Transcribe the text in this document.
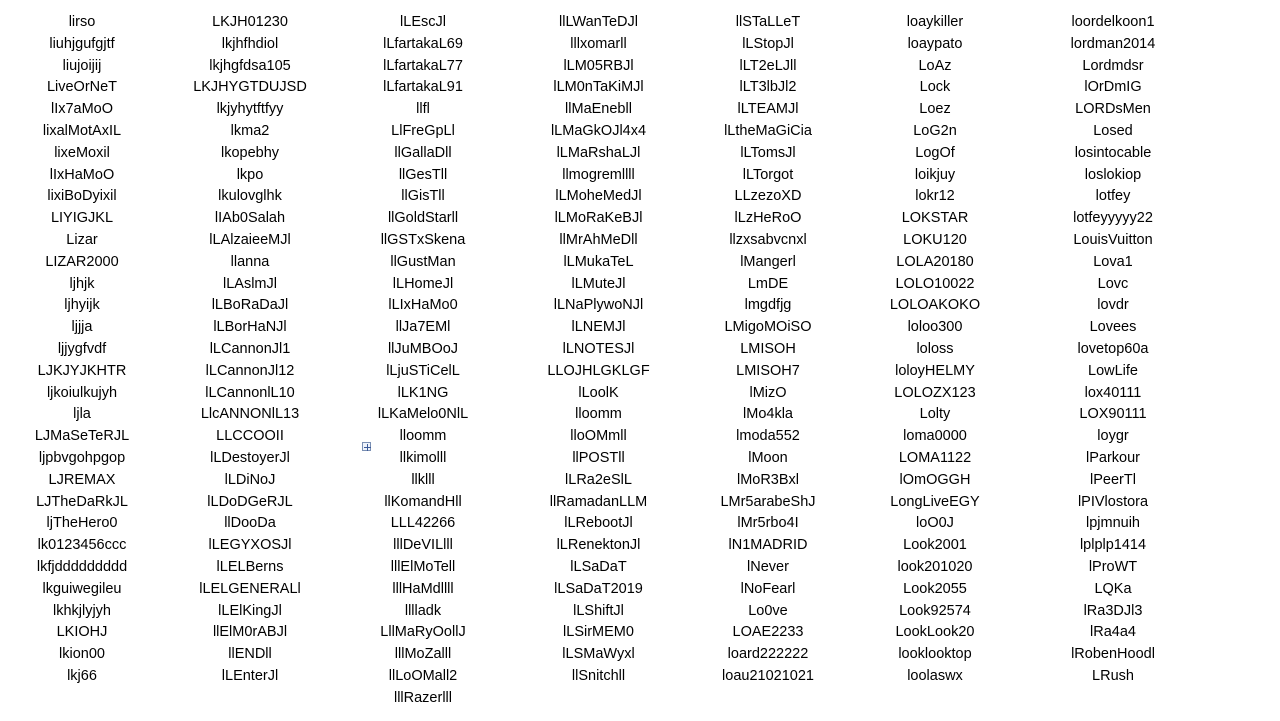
lirso
liuhjgufgjtf
liujoijij
LiveOrNeT
lIx7aMoO
lixalMotAxIL
lixeMoxil
lIxHaMoO
lixiBoDyixil
LIYIGJKL
Lizar
LIZAR2000
ljhjk
ljhyijk
ljjja
ljjygfvdf
LJKJYJKHTR
ljkoiulkujyh
ljla
LJMaSeTeRJL
ljpbvgohpgop
LJREMAX
LJTheDaRkJL
ljTheHero0
lk0123456ccc
lkfjddddddddd
lkguiwegileu
lkhkjlyjyh
LKIOHJ
lkion00
lkj66
LKJH01230
lkjhfhdiol
lkjhgfdsa105
LKJHYGTDUJSD
lkjyhytftfyy
lkma2
lkopebhy
lkpo
lkulovglhk
lIAb0Salah
lLAlzaieeMJl
llanna
lLAslmJl
lLBoRaDaJl
lLBorHaNJl
lLCannonJl1
lLCannonJl12
lLCannonlL10
LlcANNONlL13
LLCCOOII
lLDestoyerJl
lLDiNoJ
lLDoDGeRJL
llDooDa
lLEGYXOSJl
lLELBerns
lLELGENERALl
lLElKingJl
llElM0rABJl
llENDll
lLEnterJl
lLEscJl
lLfartakaL69
lLfartakaL77
lLfartakaL91
llfl
LlFreGpLl
llGallaDll
llGesTll
llGisTll
llGoldStarll
llGSTxSkena
llGustMan
lLHomeJl
lLIxHaMo0
llJa7EMl
llJuMBOoJ
lLjuSTiCelL
lLK1NG
lLKaMelo0NlL
lloomm
llkimolll
llklll
llKomandHll
LLL42266
lllDeVILlll
lllElMoTell
lllHaMdllll
lllladk
LllMaRyOollJ
lllMoZalll
llLoOMall2
lllRazerlll
llLWanTeDJl
lllxomarll
lLM05RBJl
lLM0nTaKiMJl
llMaEnebll
lLMaGkOJl4x4
lLMaRshaLJl
llmogremllll
lLMoheMedJl
lLMoRaKeBJl
llMrAhMeDll
lLMukaTeL
lLMuteJl
lLNaPlywoNJl
lLNEMJl
lLNOTESJl
LLOJHLGKLGF
lLoolK
lloomm
lloOMmll
llPOSTll
lLRa2eSlL
llRamadanLLM
lLRebootJl
lLRenektonJl
lLSaDaT
lLSaDaT2019
lLShiftJl
lLSirMEM0
lLSMaWyxl
llSnitchll
llSTaLLeT
lLStopJl
lLT2eLJll
lLT3lbJl2
lLTEAMJl
lLtheMaGiCia
lLTomsJl
lLTorgot
LLzezoXD
lLzHeRoO
llzxsabvcnxl
lMangerl
LmDE
lmgdfjg
LMigoMOiSO
LMISOH
LMISOH7
lMizO
lMo4kla
lmoda552
lMoon
lMoR3Bxl
LMr5arabeShJ
lMr5rbo4I
lN1MADRID
lNever
lNoFearl
Lo0ve
LOAE2233
loard222222
loau21021021
loaykiller
loaypato
LoAz
Lock
Loez
LoG2n
LogOf
loikjuy
lokr12
LOKSTAR
LOKU120
LOLA20180
LOLO10022
LOLOAKOKO
loloo300
loloss
loloyHELMY
LOLOZX123
Lolty
loma0000
LOMA1122
lOmOGGH
LongLiveEGY
loO0J
Look2001
look201020
Look2055
Look92574
LookLook20
looklooktop
loolaswx
loordelkoon1
lordman2014
Lordmdsr
lOrDmIG
LORDsMen
Losed
losintocable
loslokiop
lotfey
lotfeyyyyy22
LouisVuitton
Lova1
Lovc
lovdr
Lovees
lovetop60a
LowLife
lox40111
LOX90111
loygr
lParkour
lPeerTl
lPIVlostora
lpjmnuih
lplplp1414
lProWT
LQKa
lRa3DJl3
lRa4a4
lRobenHoodl
LRush
